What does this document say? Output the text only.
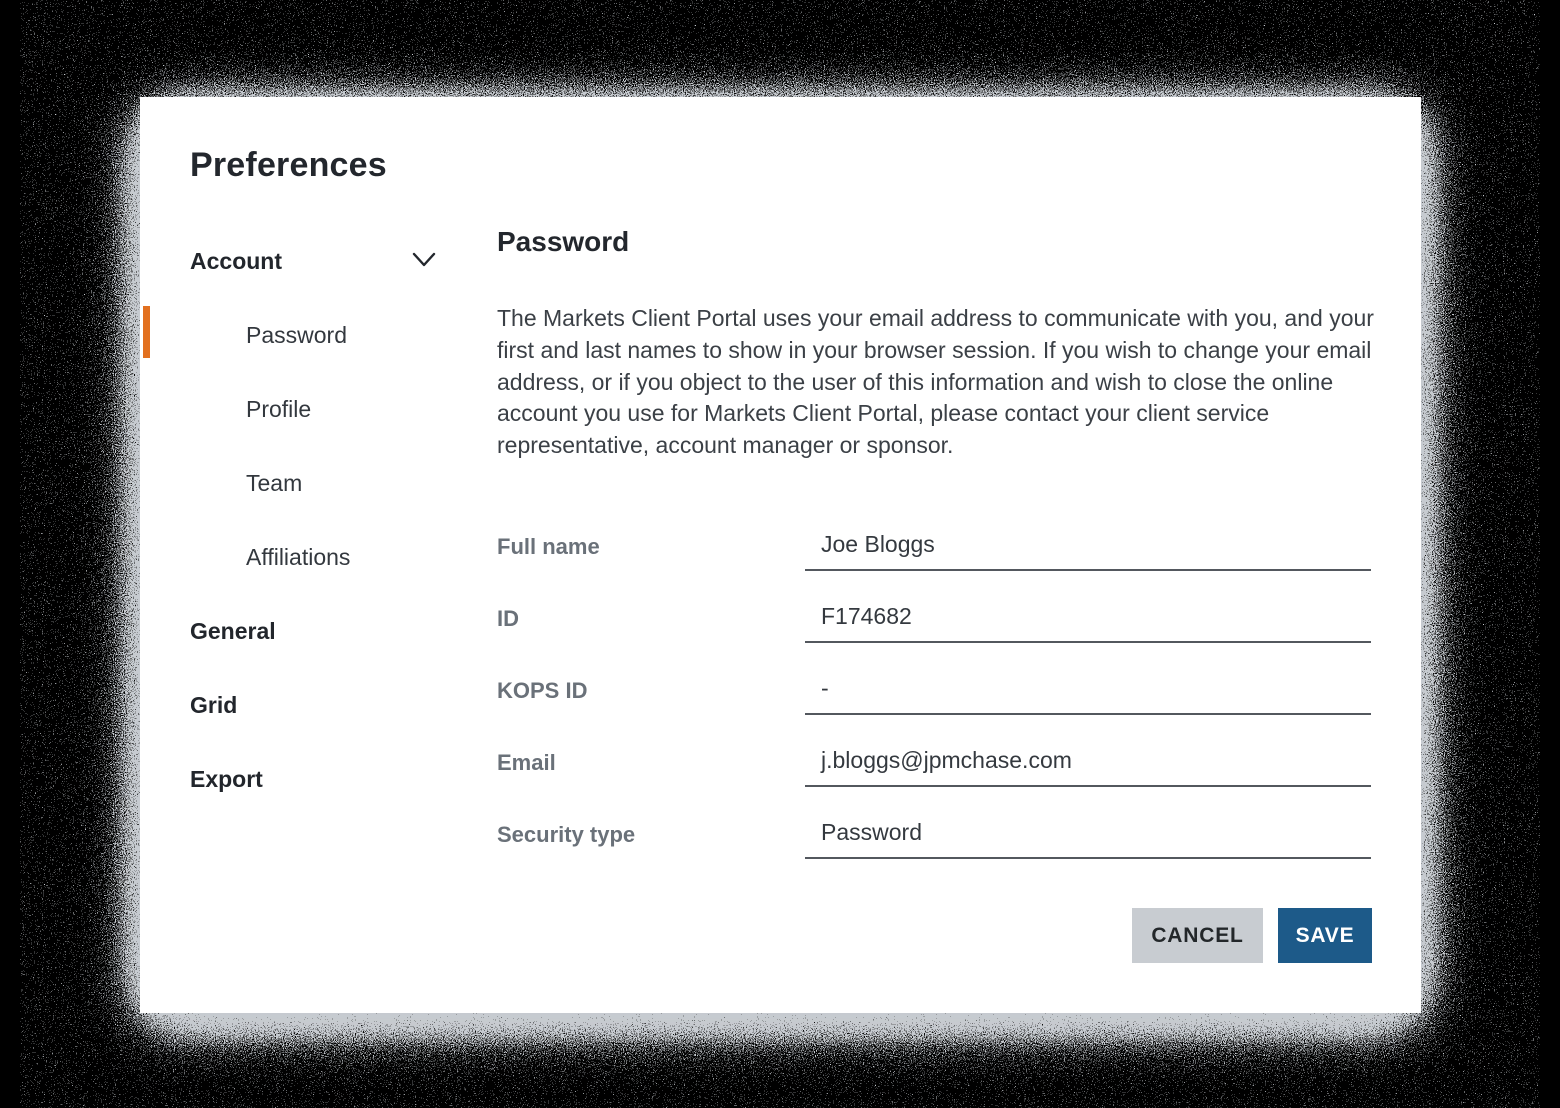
Preferences
Account
Password
Profile
Team
Affiliations
General
Grid
Export
Password
The Markets Client Portal uses your email address to communicate with you, and your first and last names to show in your browser session. If you wish to change your email address, or if you object to the user of this information and wish to close the online account you use for Markets Client Portal, please contact your client service representative, account manager or sponsor.
Full name	Joe Bloggs
ID	F174682
KOPS ID	-
Email	j.bloggs@jpmchase.com
Security type	Password
CANCEL	SAVE
